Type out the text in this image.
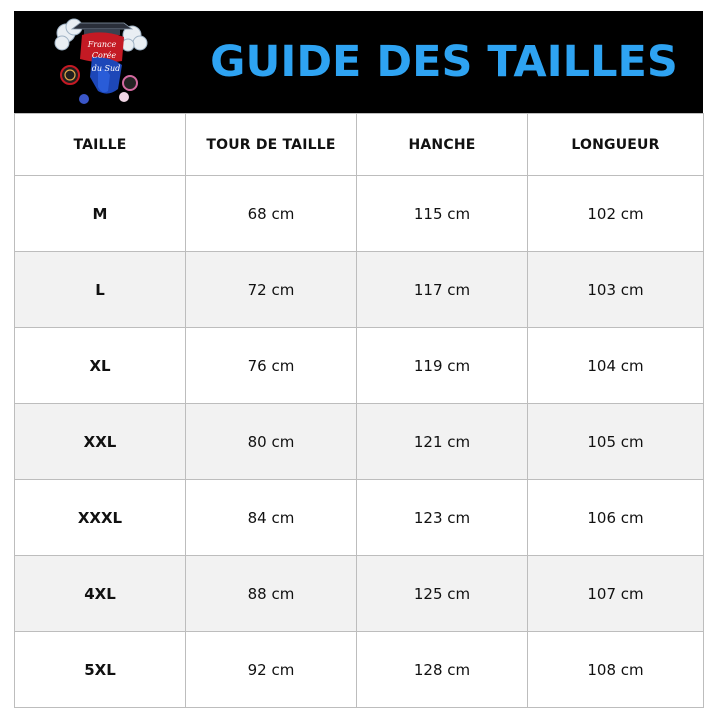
France
Corée
du Sud GUIDE DES TAILLES
TAILLE	TOUR DE TAILLE	HANCHE	LONGUEUR
M	68 cm	115 cm	102 cm
L	72 cm	117 cm	103 cm
XL	76 cm	119 cm	104 cm
XXL	80 cm	121 cm	105 cm
XXXL	84 cm	123 cm	106 cm
4XL	88 cm	125 cm	107 cm
5XL	92 cm	128 cm	108 cm
